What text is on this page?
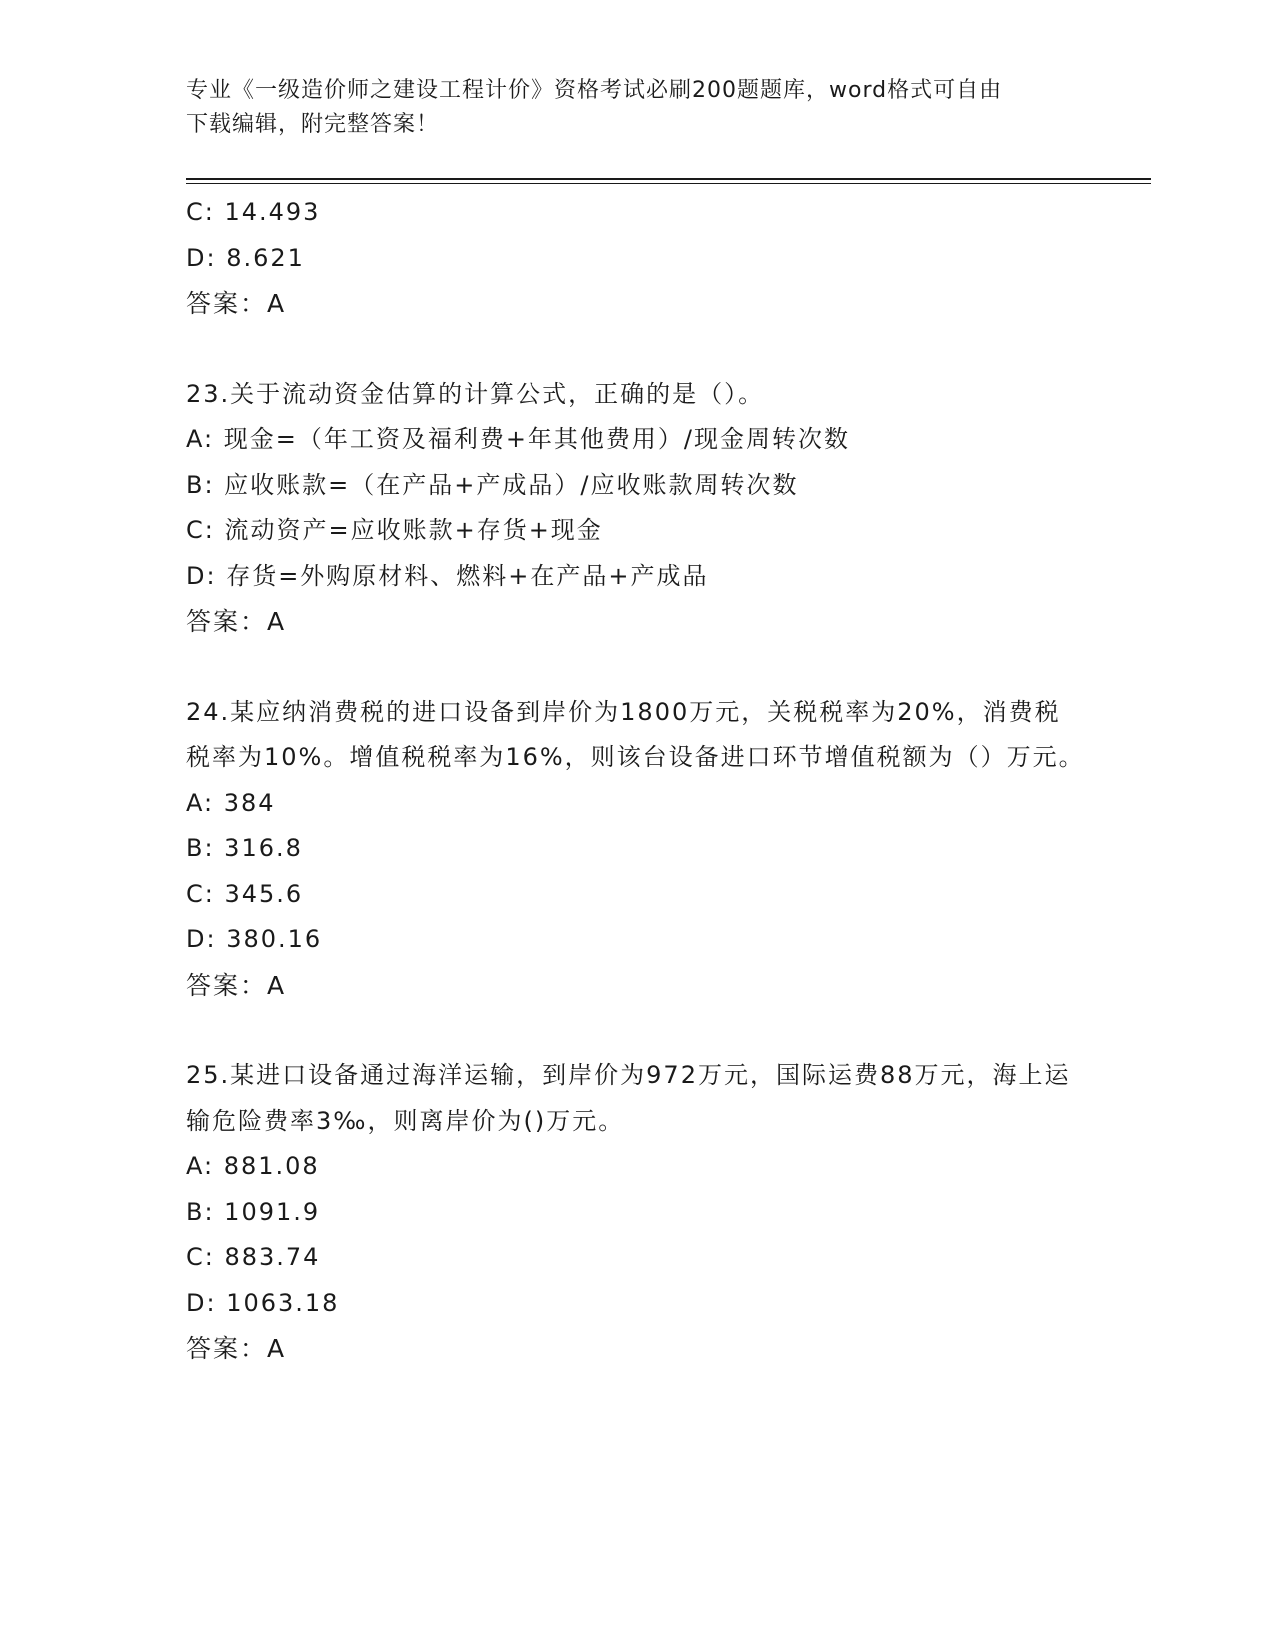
专业《一级造价师之建设工程计价》资格考试必刷200题题库，word格式可自由
下载编辑，附完整答案！
C: 14.493
D: 8.621
答案：A
23.关于流动资金估算的计算公式，正确的是（）。
A: 现金=（年工资及福利费+年其他费用）/现金周转次数
B: 应收账款=（在产品+产成品）/应收账款周转次数
C: 流动资产=应收账款+存货+现金
D: 存货=外购原材料、燃料+在产品+产成品
答案：A
24.某应纳消费税的进口设备到岸价为1800万元，关税税率为20%，消费税税率为10%。增值税税率为16%，则该台设备进口环节增值税额为（）万元。
A: 384
B: 316.8
C: 345.6
D: 380.16
答案：A
25.某进口设备通过海洋运输，到岸价为972万元，国际运费88万元，海上运输危险费率3‰，则离岸价为()万元。
A: 881.08
B: 1091.9
C: 883.74
D: 1063.18
答案：A
